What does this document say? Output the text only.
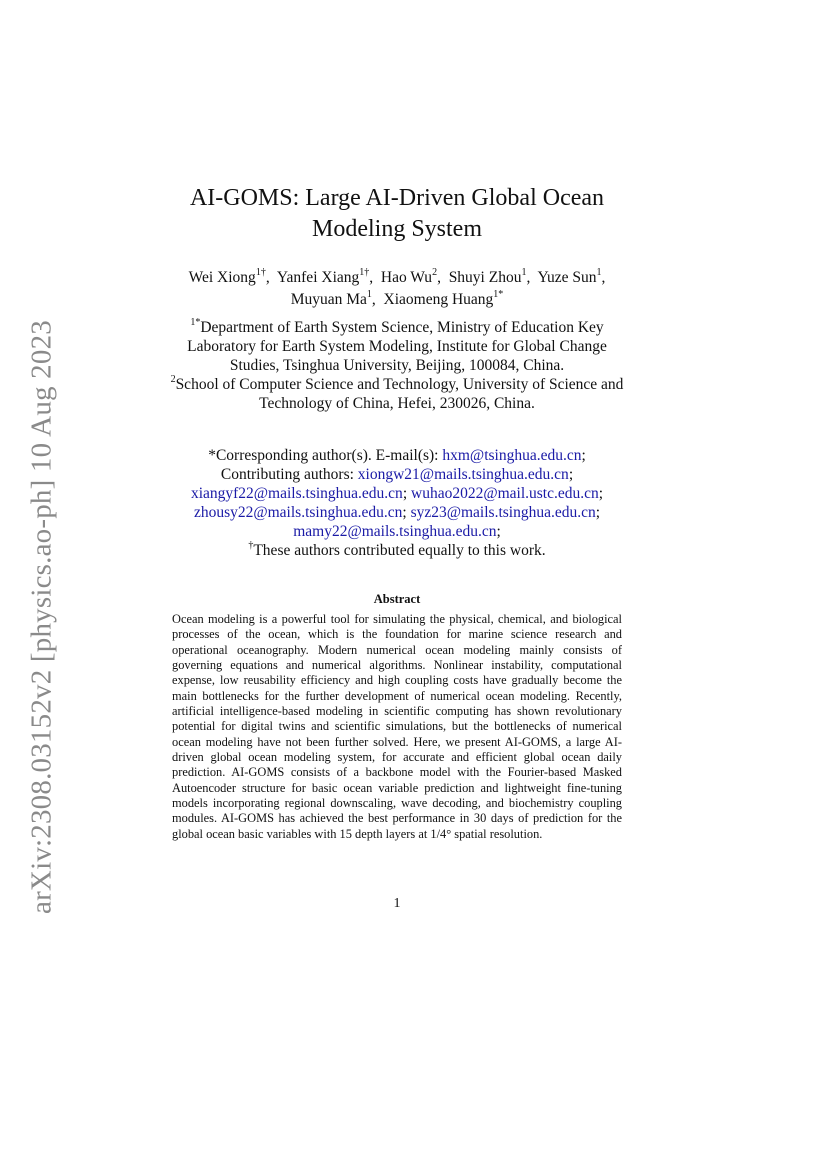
arXiv:2308.03152v2 [physics.ao-ph] 10 Aug 2023
AI-GOMS: Large AI-Driven Global Ocean
Modeling System
Wei Xiong$^{1\dagger}$,  Yanfei Xiang$^{1\dagger}$,  Hao Wu$^2$,  Shuyi Zhou$^1$,  Yuze Sun$^1$,
Muyuan Ma$^1$,  Xiaomeng Huang$^{1*}$
$^{1*}$Department of Earth System Science, Ministry of Education Key
Laboratory for Earth System Modeling, Institute for Global Change
Studies, Tsinghua University, Beijing, 100084, China.
$^2$School of Computer Science and Technology, University of Science and
Technology of China, Hefei, 230026, China.
*Corresponding author(s). E-mail(s): hxm@tsinghua.edu.cn;
Contributing authors: xiongw21@mails.tsinghua.edu.cn;
xiangyf22@mails.tsinghua.edu.cn; wuhao2022@mail.ustc.edu.cn;
zhousy22@mails.tsinghua.edu.cn; syz23@mails.tsinghua.edu.cn;
mamy22@mails.tsinghua.edu.cn;
†These authors contributed equally to this work.
Abstract
Ocean modeling is a powerful tool for simulating the physical, chemical, and biological processes of the ocean, which is the foundation for marine science research and operational oceanography. Modern numerical ocean modeling mainly consists of governing equations and numerical algorithms. Nonlinear instability, computational expense, low reusability efficiency and high coupling costs have gradually become the main bottlenecks for the further development of numerical ocean modeling. Recently, artificial intelligence-based modeling in scientific computing has shown revolutionary potential for digital twins and scientific simulations, but the bottlenecks of numerical ocean modeling have not been further solved. Here, we present AI-GOMS, a large AI-driven global ocean modeling system, for accurate and efficient global ocean daily prediction. AI-GOMS consists of a backbone model with the Fourier-based Masked Autoencoder structure for basic ocean variable prediction and lightweight fine-tuning models incorporating regional downscaling, wave decoding, and biochemistry coupling modules. AI-GOMS has achieved the best performance in 30 days of prediction for the global ocean basic variables with 15 depth layers at 1/4° spatial resolution.
1
